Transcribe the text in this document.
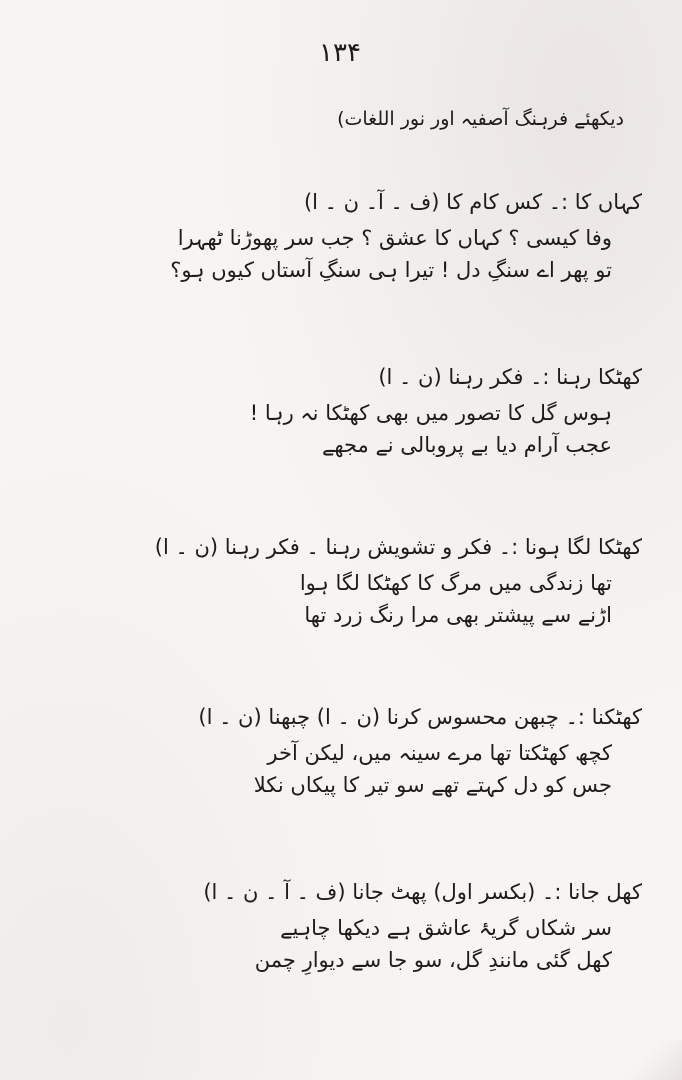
۱۳۴
دیکھئے فرہنگ آصفیہ اور نور اللغات)
کہاں کا :۔ کس کام کا (ف ۔ آ۔ ن ۔ ا)
وفا کیسی ؟ کہاں کا عشق ؟ جب سر پھوڑنا ٹھہرا
تو پھر اے سنگِ دل ! تیرا ہی سنگِ آستاں کیوں ہو؟
کھٹکا رہنا :۔ فکر رہنا (ن ۔ ا)
ہوس گل کا تصور میں بھی کھٹکا نہ رہا !
عجب آرام دیا بے پروبالی نے مجھے
کھٹکا لگا ہونا :۔ فکر و تشویش رہنا ۔ فکر رہنا (ن ۔ ا)
تھا زندگی میں مرگ کا کھٹکا لگا ہوا
اڑنے سے پیشتر بھی مرا رنگ زرد تھا
کھٹکنا :۔ چبھن محسوس کرنا (ن ۔ ا) چبھنا (ن ۔ ا)
کچھ کھٹکتا تھا مرے سینہ میں، لیکن آخر
جس کو دل کہتے تھے سو تیر کا پیکاں نکلا
کھل جانا :۔ (بکسر اول) پھٹ جانا (ف ۔ آ ۔ ن ۔ ا)
سر شکاں گریۂ عاشق ہے دیکھا چاہیے
کھل گئی مانندِ گل، سو جا سے دیوارِ چمن
